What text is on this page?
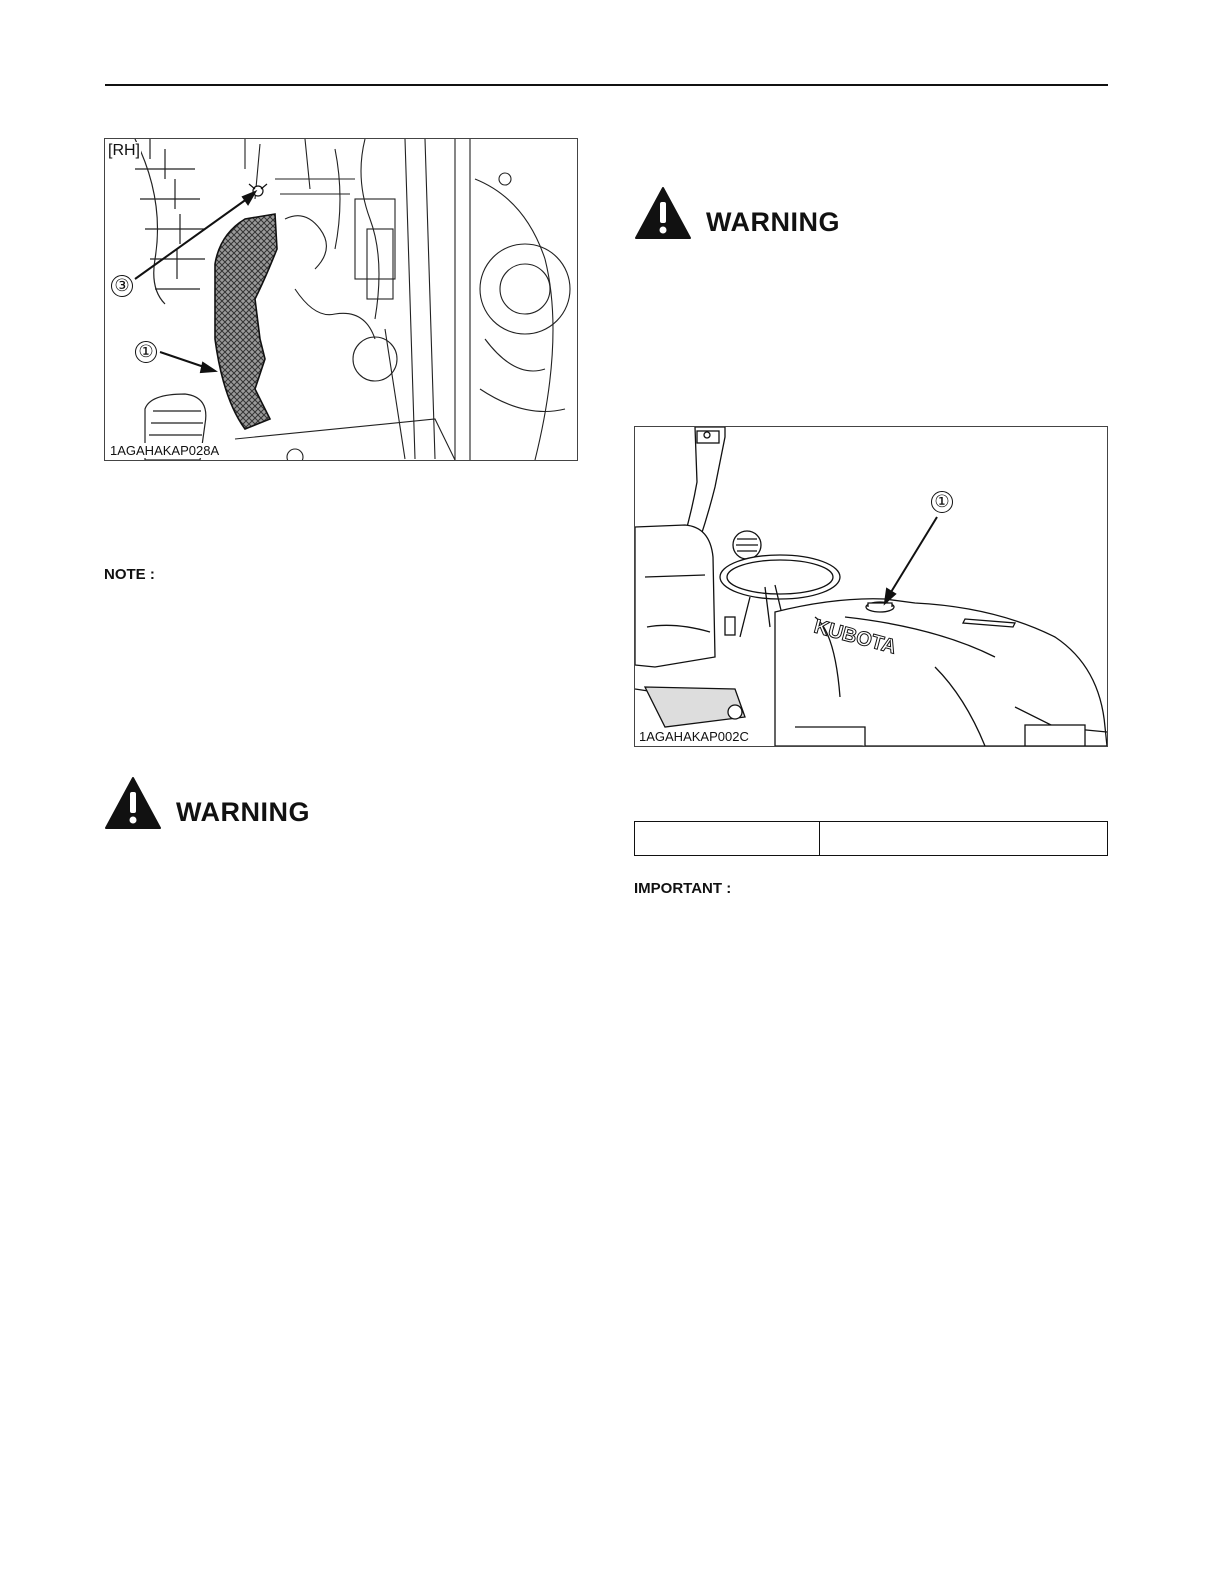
[RH]
③
①
1AGAHAKAP028A
NOTE :
WARNING
WARNING
KUBOTA
①
1AGAHAKAP002C
IMPORTANT :
